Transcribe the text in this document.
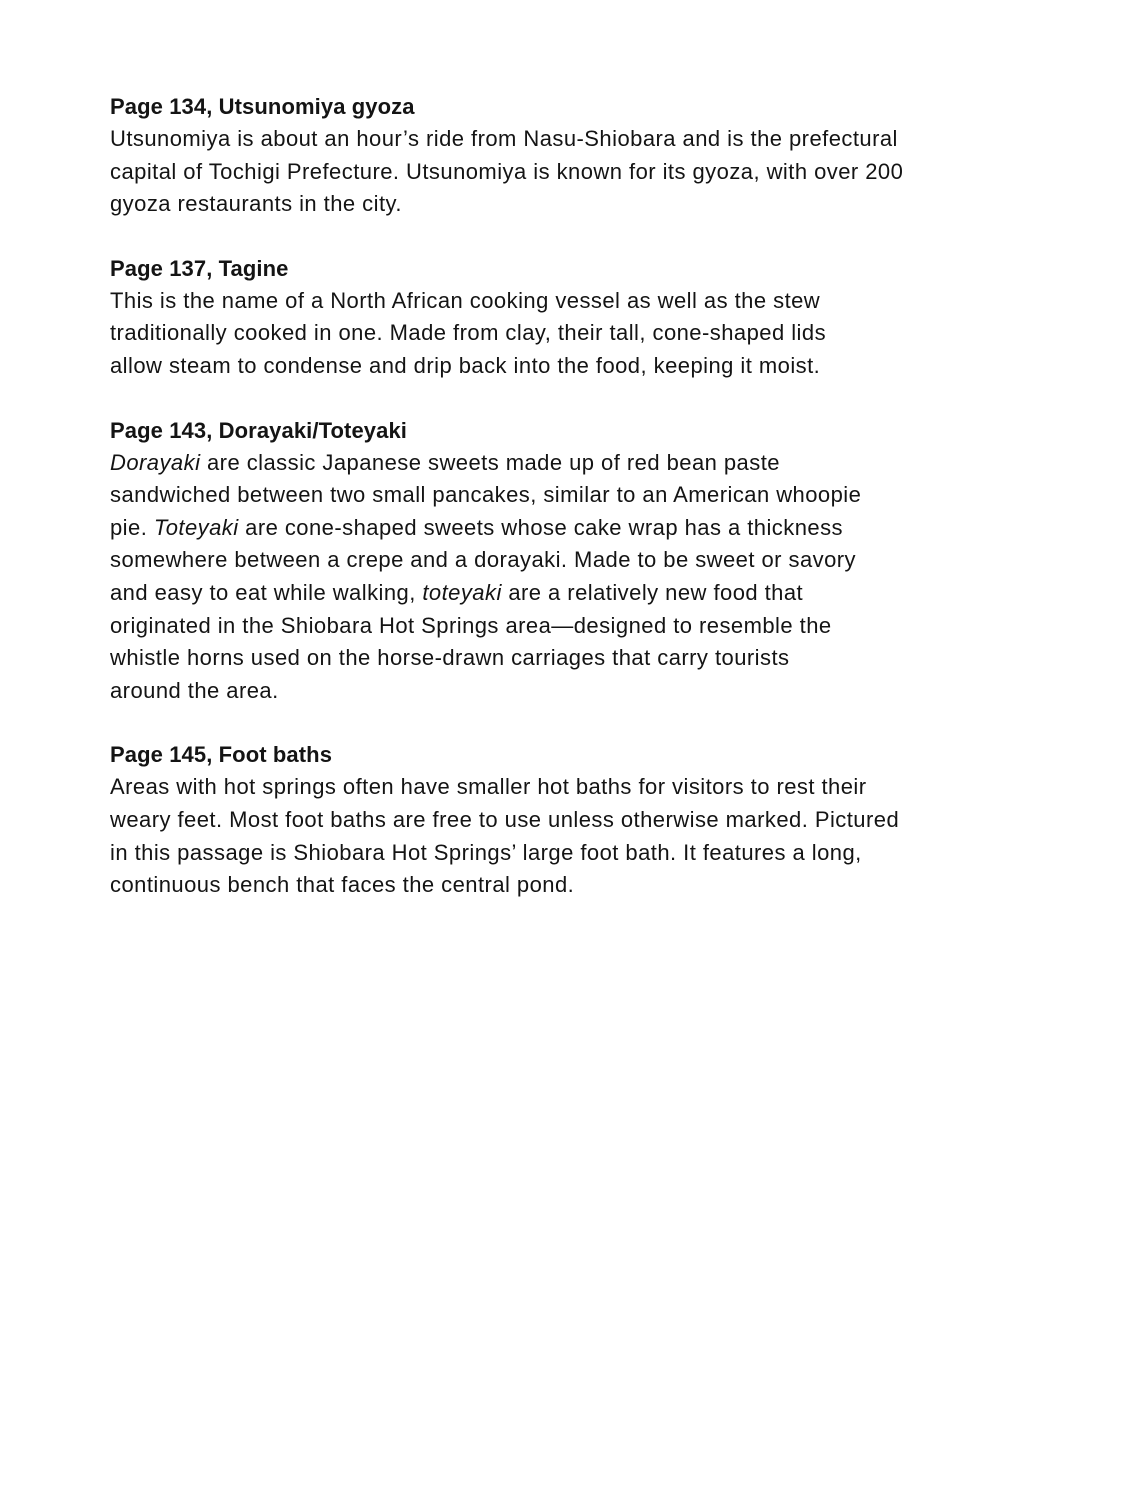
Page 134, Utsunomiya gyoza

Utsunomiya is about an hour’s ride from Nasu-Shiobara and is the prefectural
capital of Tochigi Prefecture. Utsunomiya is known for its gyoza, with over 200
gyoza restaurants in the city.

Page 137, Tagine

This is the name of a North African cooking vessel as well as the stew
traditionally cooked in one. Made from clay, their tall, cone-shaped lids
allow steam to condense and drip back into the food, keeping it moist.

Page 143, Dorayaki/Toteyaki

Dorayaki are classic Japanese sweets made up of red bean paste
sandwiched between two small pancakes, similar to an American whoopie
pie. Toteyaki are cone-shaped sweets whose cake wrap has a thickness
somewhere between a crepe and a dorayaki. Made to be sweet or savory
and easy to eat while walking, toteyaki are a relatively new food that
originated in the Shiobara Hot Springs area—designed to resemble the
whistle horns used on the horse-drawn carriages that carry tourists
around the area.

Page 145, Foot baths

Areas with hot springs often have smaller hot baths for visitors to rest their
weary feet. Most foot baths are free to use unless otherwise marked. Pictured
in this passage is Shiobara Hot Springs’ large foot bath. It features a long,
continuous bench that faces the central pond.
